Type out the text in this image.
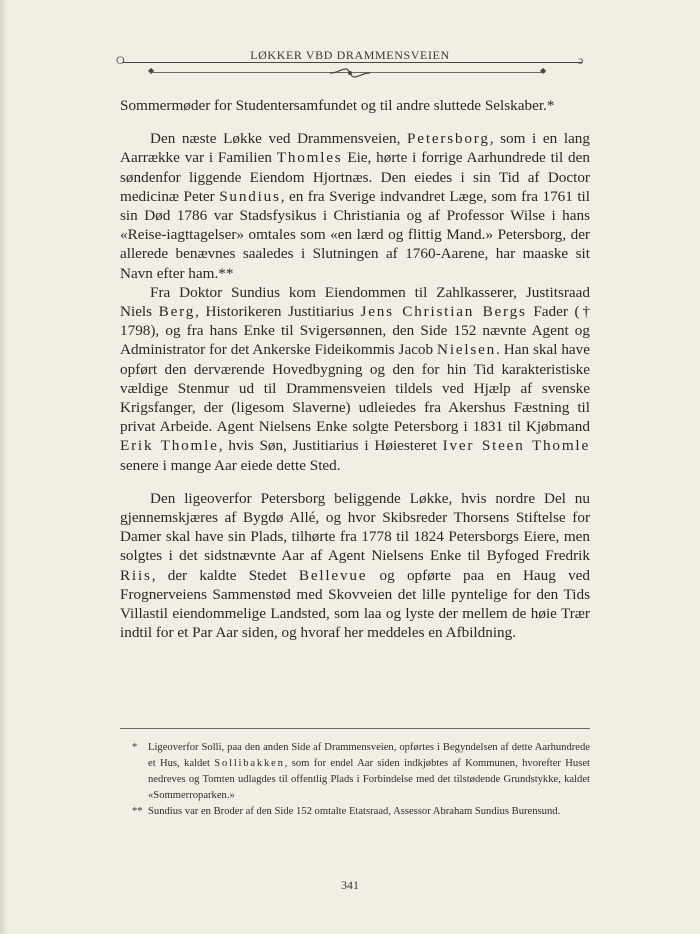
LØKKER VBD DRAMMENSVEIEN
୦	ɔ
◆	◆

Sommermøder for Studentersamfundet og til andre sluttede Selskaber.*

Den næste Løkke ved Drammensveien, Petersborg, som i en lang Aarrække var i Familien Thomles Eie, hørte i forrige Aarhundrede til den søndenfor liggende Eiendom Hjortnæs. Den eiedes i sin Tid af Doctor medicinæ Peter Sundius, en fra Sverige indvandret Læge, som fra 1761 til sin Død 1786 var Stadsfysikus i Christiania og af Professor Wilse i hans «Reise-iagttagelser» omtales som «en lærd og flittig Mand.» Petersborg, der allerede benævnes saaledes i Slutningen af 1760-Aarene, har maaske sit Navn efter ham.**

Fra Doktor Sundius kom Eiendommen til Zahlkasserer, Justitsraad Niels Berg, Historikeren Justitiarius Jens Christian Bergs Fader († 1798), og fra hans Enke til Svigersønnen, den Side 152 nævnte Agent og Administrator for det Ankerske Fideikommis Jacob Nielsen. Han skal have opført den derværende Hovedbygning og den for hin Tid karakteristiske vældige Stenmur ud til Drammensveien tildels ved Hjælp af svenske Krigsfanger, der (ligesom Slaverne) udleiedes fra Akershus Fæstning til privat Arbeide. Agent Nielsens Enke solgte Petersborg i 1831 til Kjøbmand Erik Thomle, hvis Søn, Justitiarius i Høiesteret Iver Steen Thomle senere i mange Aar eiede dette Sted.

Den ligeoverfor Petersborg beliggende Løkke, hvis nordre Del nu gjennemskjæres af Bygdø Allé, og hvor Skibsreder Thorsens Stiftelse for Damer skal have sin Plads, tilhørte fra 1778 til 1824 Petersborgs Eiere, men solgtes i det sidstnævnte Aar af Agent Nielsens Enke til Byfoged Fredrik Riis, der kaldte Stedet Bellevue og opførte paa en Haug ved Frognerveiens Sammenstød med Skovveien det lille pyntelige for den Tids Villastil eiendommelige Landsted, som laa og lyste der mellem de høie Trær indtil for et Par Aar siden, og hvoraf her meddeles en Afbildning.

* Ligeoverfor Solli, paa den anden Side af Drammensveien, opførtes i Begyndelsen af dette Aarhundrede et Hus, kaldet Sollibakken, som for endel Aar siden indkjøbtes af Kommunen, hvorefter Huset nedreves og Tomten udlagdes til offentlig Plads i Forbindelse med det tilstødende Grundstykke, kaldet «Sommerroparken.»

** Sundius var en Broder af den Side 152 omtalte Etatsraad, Assessor Abraham Sundius Burensund.

341
